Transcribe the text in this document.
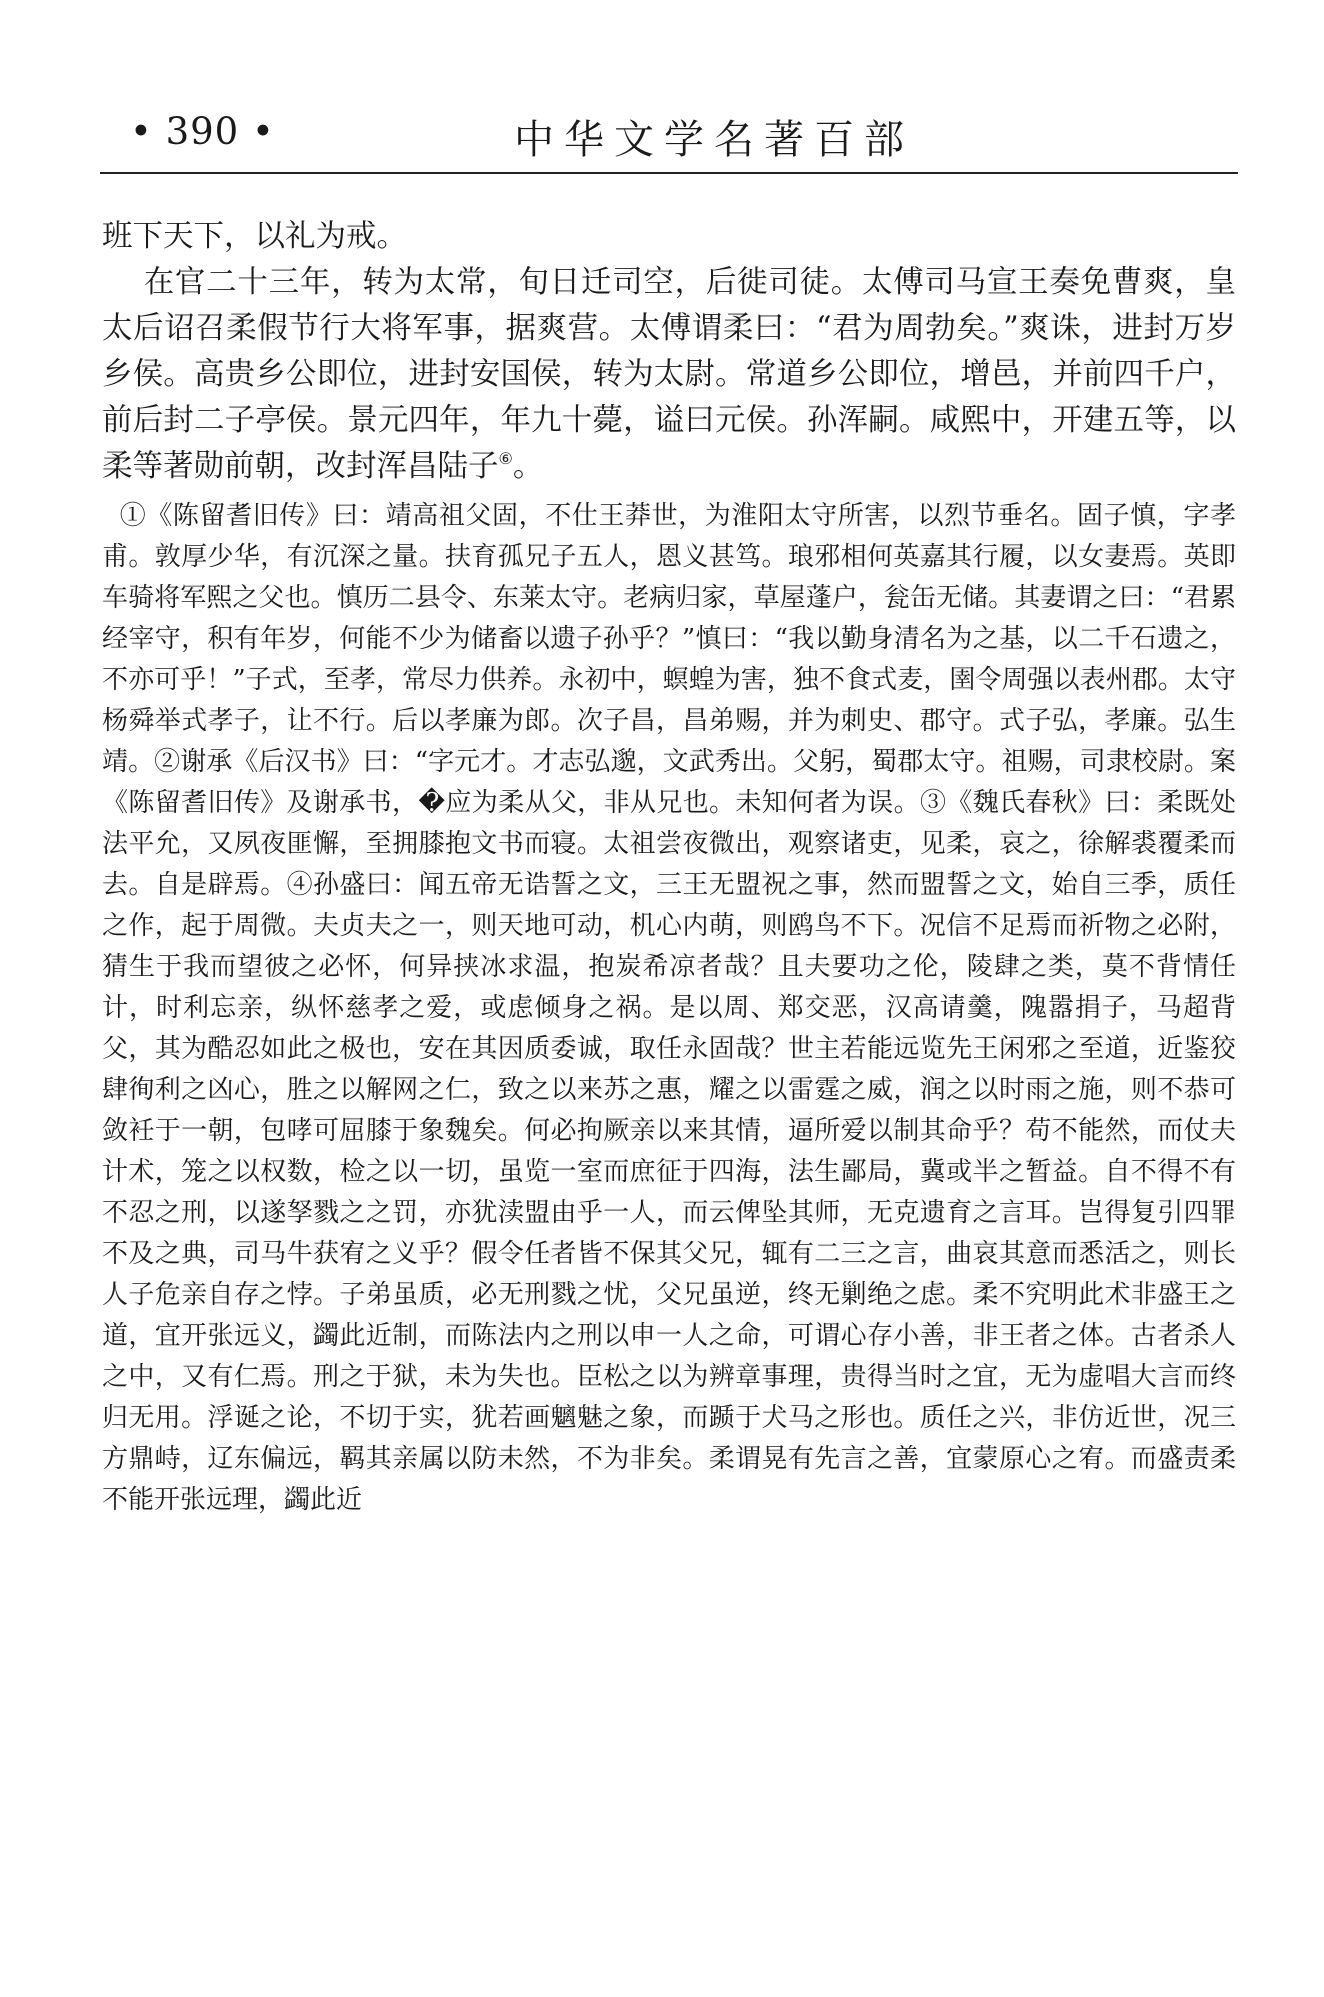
• 390 •	中华文学名著百部

班下天下，以礼为戒。

在官二十三年，转为太常，旬日迁司空，后徙司徒。太傅司马宣王奏免曹爽，皇太后诏召柔假节行大将军事，据爽营。太傅谓柔曰：“君为周勃矣。”爽诛，进封万岁乡侯。高贵乡公即位，进封安国侯，转为太尉。常道乡公即位，增邑，并前四千户，前后封二子亭侯。景元四年，年九十薨，谥曰元侯。孙浑嗣。咸熙中，开建五等，以柔等著勋前朝，改封浑昌陆子⑥。

①《陈留耆旧传》曰：靖高祖父固，不仕王莽世，为淮阳太守所害，以烈节垂名。固子慎，字孝甫。敦厚少华，有沉深之量。扶育孤兄子五人，恩义甚笃。琅邪相何英嘉其行履，以女妻焉。英即车骑将军熙之父也。慎历二县令、东莱太守。老病归家，草屋蓬户，瓮缶无储。其妻谓之曰：“君累经宰守，积有年岁，何能不少为储畜以遗子孙乎？”慎曰：“我以勤身清名为之基，以二千石遗之，不亦可乎！”子式，至孝，常尽力供养。永初中，螟蝗为害，独不食式麦，圉令周强以表州郡。太守杨舜举式孝子，让不行。后以孝廉为郎。次子昌，昌弟赐，并为刺史、郡守。式子弘，孝廉。弘生靖。②谢承《后汉书》曰：“字元才。才志弘邈，文武秀出。父躬，蜀郡太守。祖赐，司隶校尉。案《陈留耆旧传》及谢承书，�应为柔从父，非从兄也。未知何者为误。③《魏氏春秋》曰：柔既处法平允，又夙夜匪懈，至拥膝抱文书而寝。太祖尝夜微出，观察诸吏，见柔，哀之，徐解裘覆柔而去。自是辟焉。④孙盛曰：闻五帝无诰誓之文，三王无盟祝之事，然而盟誓之文，始自三季，质任之作，起于周微。夫贞夫之一，则天地可动，机心内萌，则鸥鸟不下。况信不足焉而祈物之必附，猜生于我而望彼之必怀，何异挟冰求温，抱炭希凉者哉？且夫要功之伦，陵肆之类，莫不背情任计，时利忘亲，纵怀慈孝之爱，或虑倾身之祸。是以周、郑交恶，汉高请羹，隗嚣捐子，马超背父，其为酷忍如此之极也，安在其因质委诚，取任永固哉？世主若能远览先王闲邪之至道，近鉴狡肆徇利之凶心，胜之以解网之仁，致之以来苏之惠，耀之以雷霆之威，润之以时雨之施，则不恭可敛衽于一朝，包哮可屈膝于象魏矣。何必拘厥亲以来其情，逼所爱以制其命乎？苟不能然，而仗夫计术，笼之以权数，检之以一切，虽览一室而庶征于四海，法生鄙局，冀或半之暂益。自不得不有不忍之刑，以遂孥戮之之罚，亦犹渎盟由乎一人，而云俾坠其师，无克遗育之言耳。岂得复引四罪不及之典，司马牛获宥之义乎？假令任者皆不保其父兄，辄有二三之言，曲哀其意而悉活之，则长人子危亲自存之悖。子弟虽质，必无刑戮之忧，父兄虽逆，终无剿绝之虑。柔不究明此术非盛王之道，宜开张远义，蠲此近制，而陈法内之刑以申一人之命，可谓心存小善，非王者之体。古者杀人之中，又有仁焉。刑之于狱，未为失也。臣松之以为辨章事理，贵得当时之宜，无为虚唱大言而终归无用。浮诞之论，不切于实，犹若画魑魅之象，而踬于犬马之形也。质任之兴，非仿近世，况三方鼎峙，辽东偏远，羁其亲属以防未然，不为非矣。柔谓晃有先言之善，宜蒙原心之宥。而盛责柔不能开张远理，蠲此近
